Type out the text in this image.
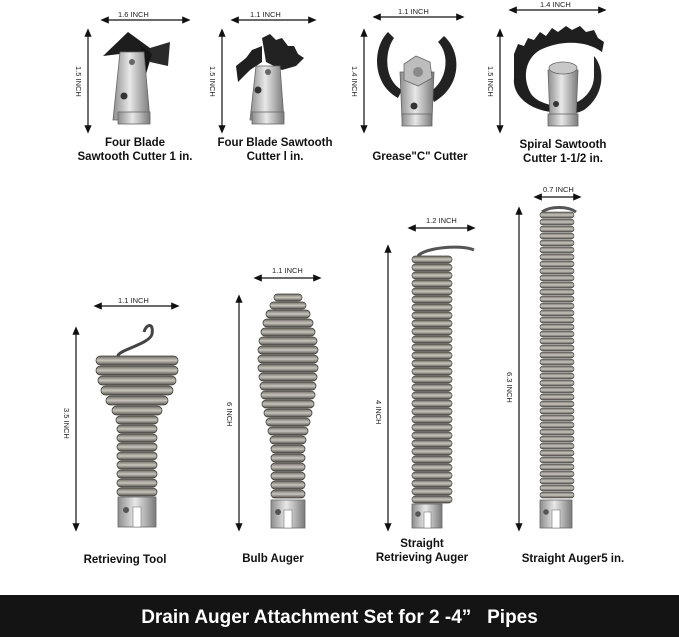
1.6 INCH	1.1 INCH	1.1 INCH
1.4 INCH
1.1 INCH
1.1 INCH
1.2 INCH
0.7 INCH
1.5 INCH	1.5 INCH	1.4 INCH	1.5 INCH
3.5 INCH	6 INCH	4 INCH
6.3 INCH
Four Blade
Sawtooth Cutter 1 in.
Four Blade Sawtooth
Cutter l in.	Grease"C" Cutter
Spiral Sawtooth
Cutter 1-1/2 in.
Retrieving Tool	Bulb Auger
Straight
Retrieving Auger	Straight Auger5 in.
Drain Auger Attachment Set for 2 -4”   Pipes
